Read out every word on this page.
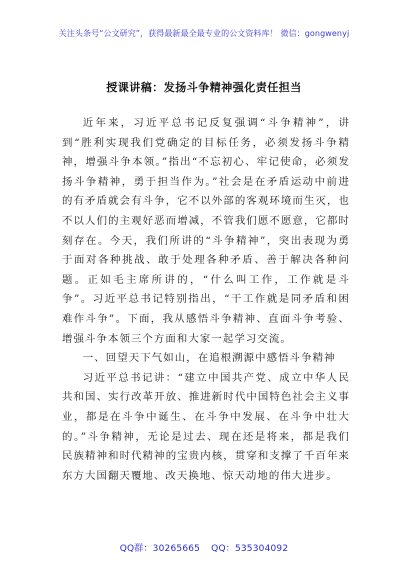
关注头条号“公文研究”，获得最新最全最专业的公文资料库！ 微信：gongwenyj
授课讲稿：发扬斗争精神强化责任担当

近年来，习近平总书记反复强调“斗争精神”，讲到“胜利实现我们党确定的目标任务，必须发扬斗争精神，增强斗争本领。”指出“不忘初心、牢记使命，必须发扬斗争精神，勇于担当作为。”社会是在矛盾运动中前进的有矛盾就会有斗争，它不以外部的客观环境而生灭，也不以人们的主观好恶而增减，不管我们愿不愿意，它都时刻存在。今天，我们所讲的“斗争精神”，突出表现为勇于面对各种挑战、敢于处理各种矛盾、善于解决各种问题。正如毛主席所讲的，“什么叫工作，工作就是斗争”。习近平总书记特别指出，“干工作就是同矛盾和困难作斗争”。下面，我从感悟斗争精神、直面斗争考验、增强斗争本领三个方面和大家一起学习交流。

一、回望天下气如山，在追根溯源中感悟斗争精神

习近平总书记讲：“建立中国共产党、成立中华人民共和国、实行改革开放、推进新时代中国特色社会主义事业，都是在斗争中诞生、在斗争中发展、在斗争中壮大的。”斗争精神，无论是过去、现在还是将来，都是我们民族精神和时代精神的宝贵内核，贯穿和支撑了千百年来东方大国翻天覆地、改天换地、惊天动地的伟大进步。

QQ群：30265665 QQ：535304092
